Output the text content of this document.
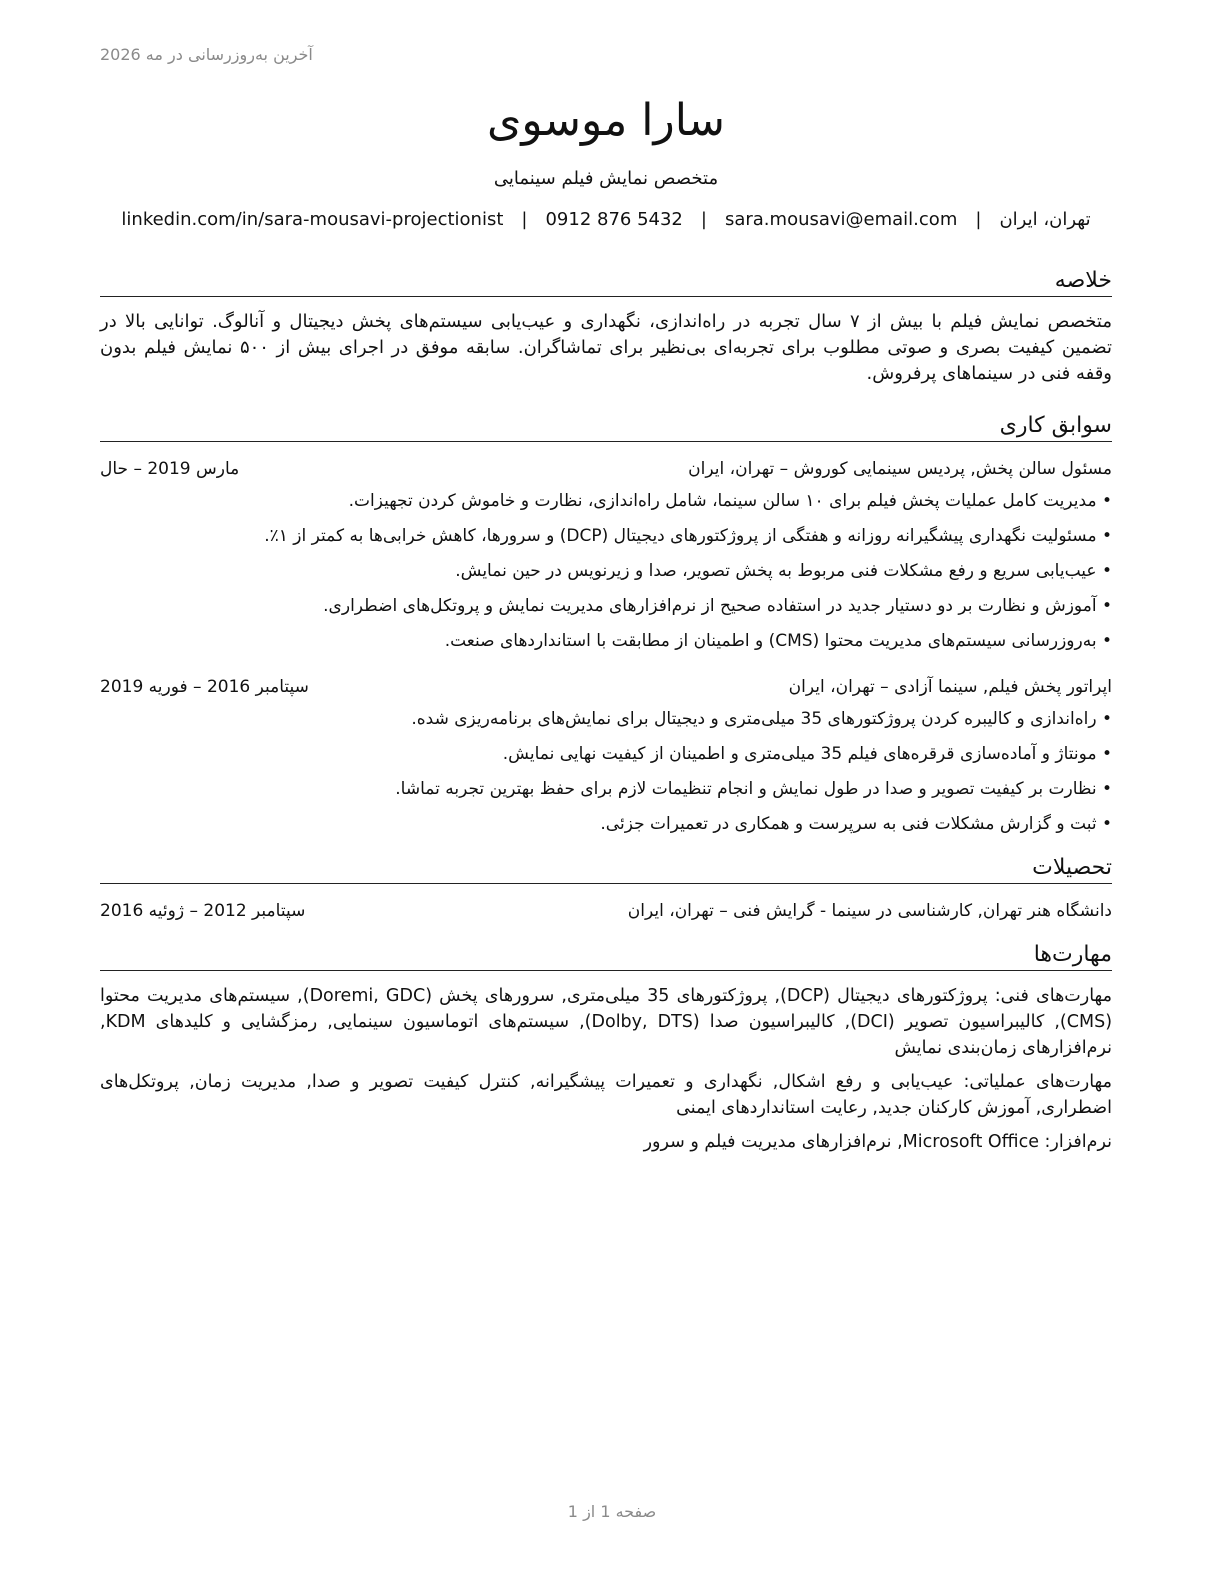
آخرین به‌روزرسانی در مه 2026
سارا موسوی
متخصص نمایش فیلم سینمایی
تهران، ایران
|
sara.mousavi@email.com
|
0912 876 5432
|
linkedin.com/in/sara-mousavi-projectionist
خلاصه
متخصص نمایش فیلم با بیش از ۷ سال تجربه در راه‌اندازی، نگهداری و عیب‌یابی سیستم‌های پخش دیجیتال و آنالوگ. توانایی بالا در تضمین کیفیت بصری و صوتی مطلوب برای تجربه‌ای بی‌نظیر برای تماشاگران. سابقه موفق در اجرای بیش از ۵۰۰ نمایش فیلم بدون وقفه فنی در سینماهای پرفروش.
سوابق کاری
مسئول سالن پخش, پردیس سینمایی کوروش – تهران، ایران
مارس 2019 – حال
• مدیریت کامل عملیات پخش فیلم برای ۱۰ سالن سینما، شامل راه‌اندازی، نظارت و خاموش کردن تجهیزات.
• مسئولیت نگهداری پیشگیرانه روزانه و هفتگی از پروژکتورهای دیجیتال (DCP) و سرورها، کاهش خرابی‌ها به کمتر از ۱٪.
• عیب‌یابی سریع و رفع مشکلات فنی مربوط به پخش تصویر، صدا و زیرنویس در حین نمایش.
• آموزش و نظارت بر دو دستیار جدید در استفاده صحیح از نرم‌افزارهای مدیریت نمایش و پروتکل‌های اضطراری.
• به‌روزرسانی سیستم‌های مدیریت محتوا (CMS) و اطمینان از مطابقت با استانداردهای صنعت.
اپراتور پخش فیلم, سینما آزادی – تهران، ایران
سپتامبر 2016 – فوریه 2019
• راه‌اندازی و کالیبره کردن پروژکتورهای 35 میلی‌متری و دیجیتال برای نمایش‌های برنامه‌ریزی شده.
• مونتاژ و آماده‌سازی قرقره‌های فیلم 35 میلی‌متری و اطمینان از کیفیت نهایی نمایش.
• نظارت بر کیفیت تصویر و صدا در طول نمایش و انجام تنظیمات لازم برای حفظ بهترین تجربه تماشا.
• ثبت و گزارش مشکلات فنی به سرپرست و همکاری در تعمیرات جزئی.
تحصیلات
دانشگاه هنر تهران, کارشناسی در سینما - گرایش فنی – تهران، ایران
سپتامبر 2012 – ژوئیه 2016
مهارت‌ها
مهارت‌های فنی: پروژکتورهای دیجیتال (DCP), پروژکتورهای 35 میلی‌متری, سرورهای پخش (Doremi, GDC), سیستم‌های مدیریت محتوا (CMS), کالیبراسیون تصویر (DCI), کالیبراسیون صدا (Dolby, DTS), سیستم‌های اتوماسیون سینمایی, رمزگشایی و کلیدهای KDM, نرم‌افزارهای زمان‌بندی نمایش
مهارت‌های عملیاتی: عیب‌یابی و رفع اشکال, نگهداری و تعمیرات پیشگیرانه, کنترل کیفیت تصویر و صدا, مدیریت زمان, پروتکل‌های اضطراری, آموزش کارکنان جدید, رعایت استانداردهای ایمنی
نرم‌افزار: Microsoft Office, نرم‌افزارهای مدیریت فیلم و سرور
صفحه 1 از 1
